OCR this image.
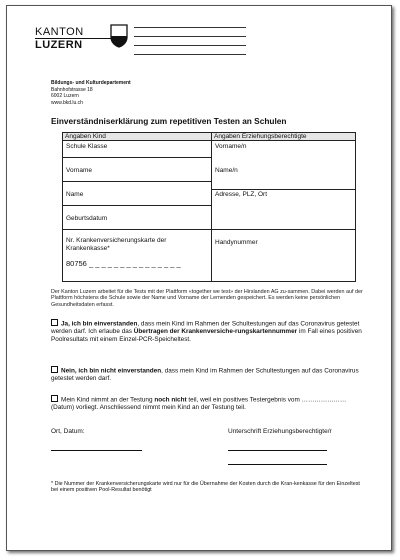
KANTON
LUZERN
Bildungs- und Kulturdepartement
Bahnhofstrasse 18
6002 Luzern
www.bkd.lu.ch
Einverständniserklärung zum repetitiven Testen an Schulen
Angaben Kind	Angaben Erziehungsberechtigte
Schule Klasse
Vorname
Name
Geburtsdatum
Nr. Krankenversicherungskarte der Krankenkasse*
80756 _ _ _ _ _ _ _ _ _ _ _ _ _ _ _
Vorname/n
Name/n
Adresse, PLZ, Ort
Handynummer
Der Kanton Luzern arbeitet für die Tests mit der Plattform «together we test» der Hirslanden AG zu-sammen. Dabei werden auf der Plattform höchstens die Schule sowie der Name und Vorname der Lernenden gespeichert. Es werden keine persönlichen Gesundheitsdaten erfasst.
Ja, ich bin einverstanden, dass mein Kind im Rahmen der Schultestungen auf das Coronavirus getestet werden darf. Ich erlaube das Übertragen der Krankenversiche-rungskartennummer im Fall eines positiven Poolresultats mit einem Einzel-PCR-Speicheltest.
Nein, ich bin nicht einverstanden, dass mein Kind im Rahmen der Schultestungen auf das Coronavirus getestet werden darf.
Mein Kind nimmt an der Testung noch nicht teil, weil ein positives Testergebnis vom ………………… (Datum) vorliegt. Anschliessend nimmt mein Kind an der Testung teil.
Ort, Datum:	Unterschrift Erziehungsberechtigte/r
* Die Nummer der Krankenversicherungskarte wird nur für die Übernahme der Kosten durch die Kran-kenkasse für den Einzeltest bei einem positiven Pool-Resultat benötigt
